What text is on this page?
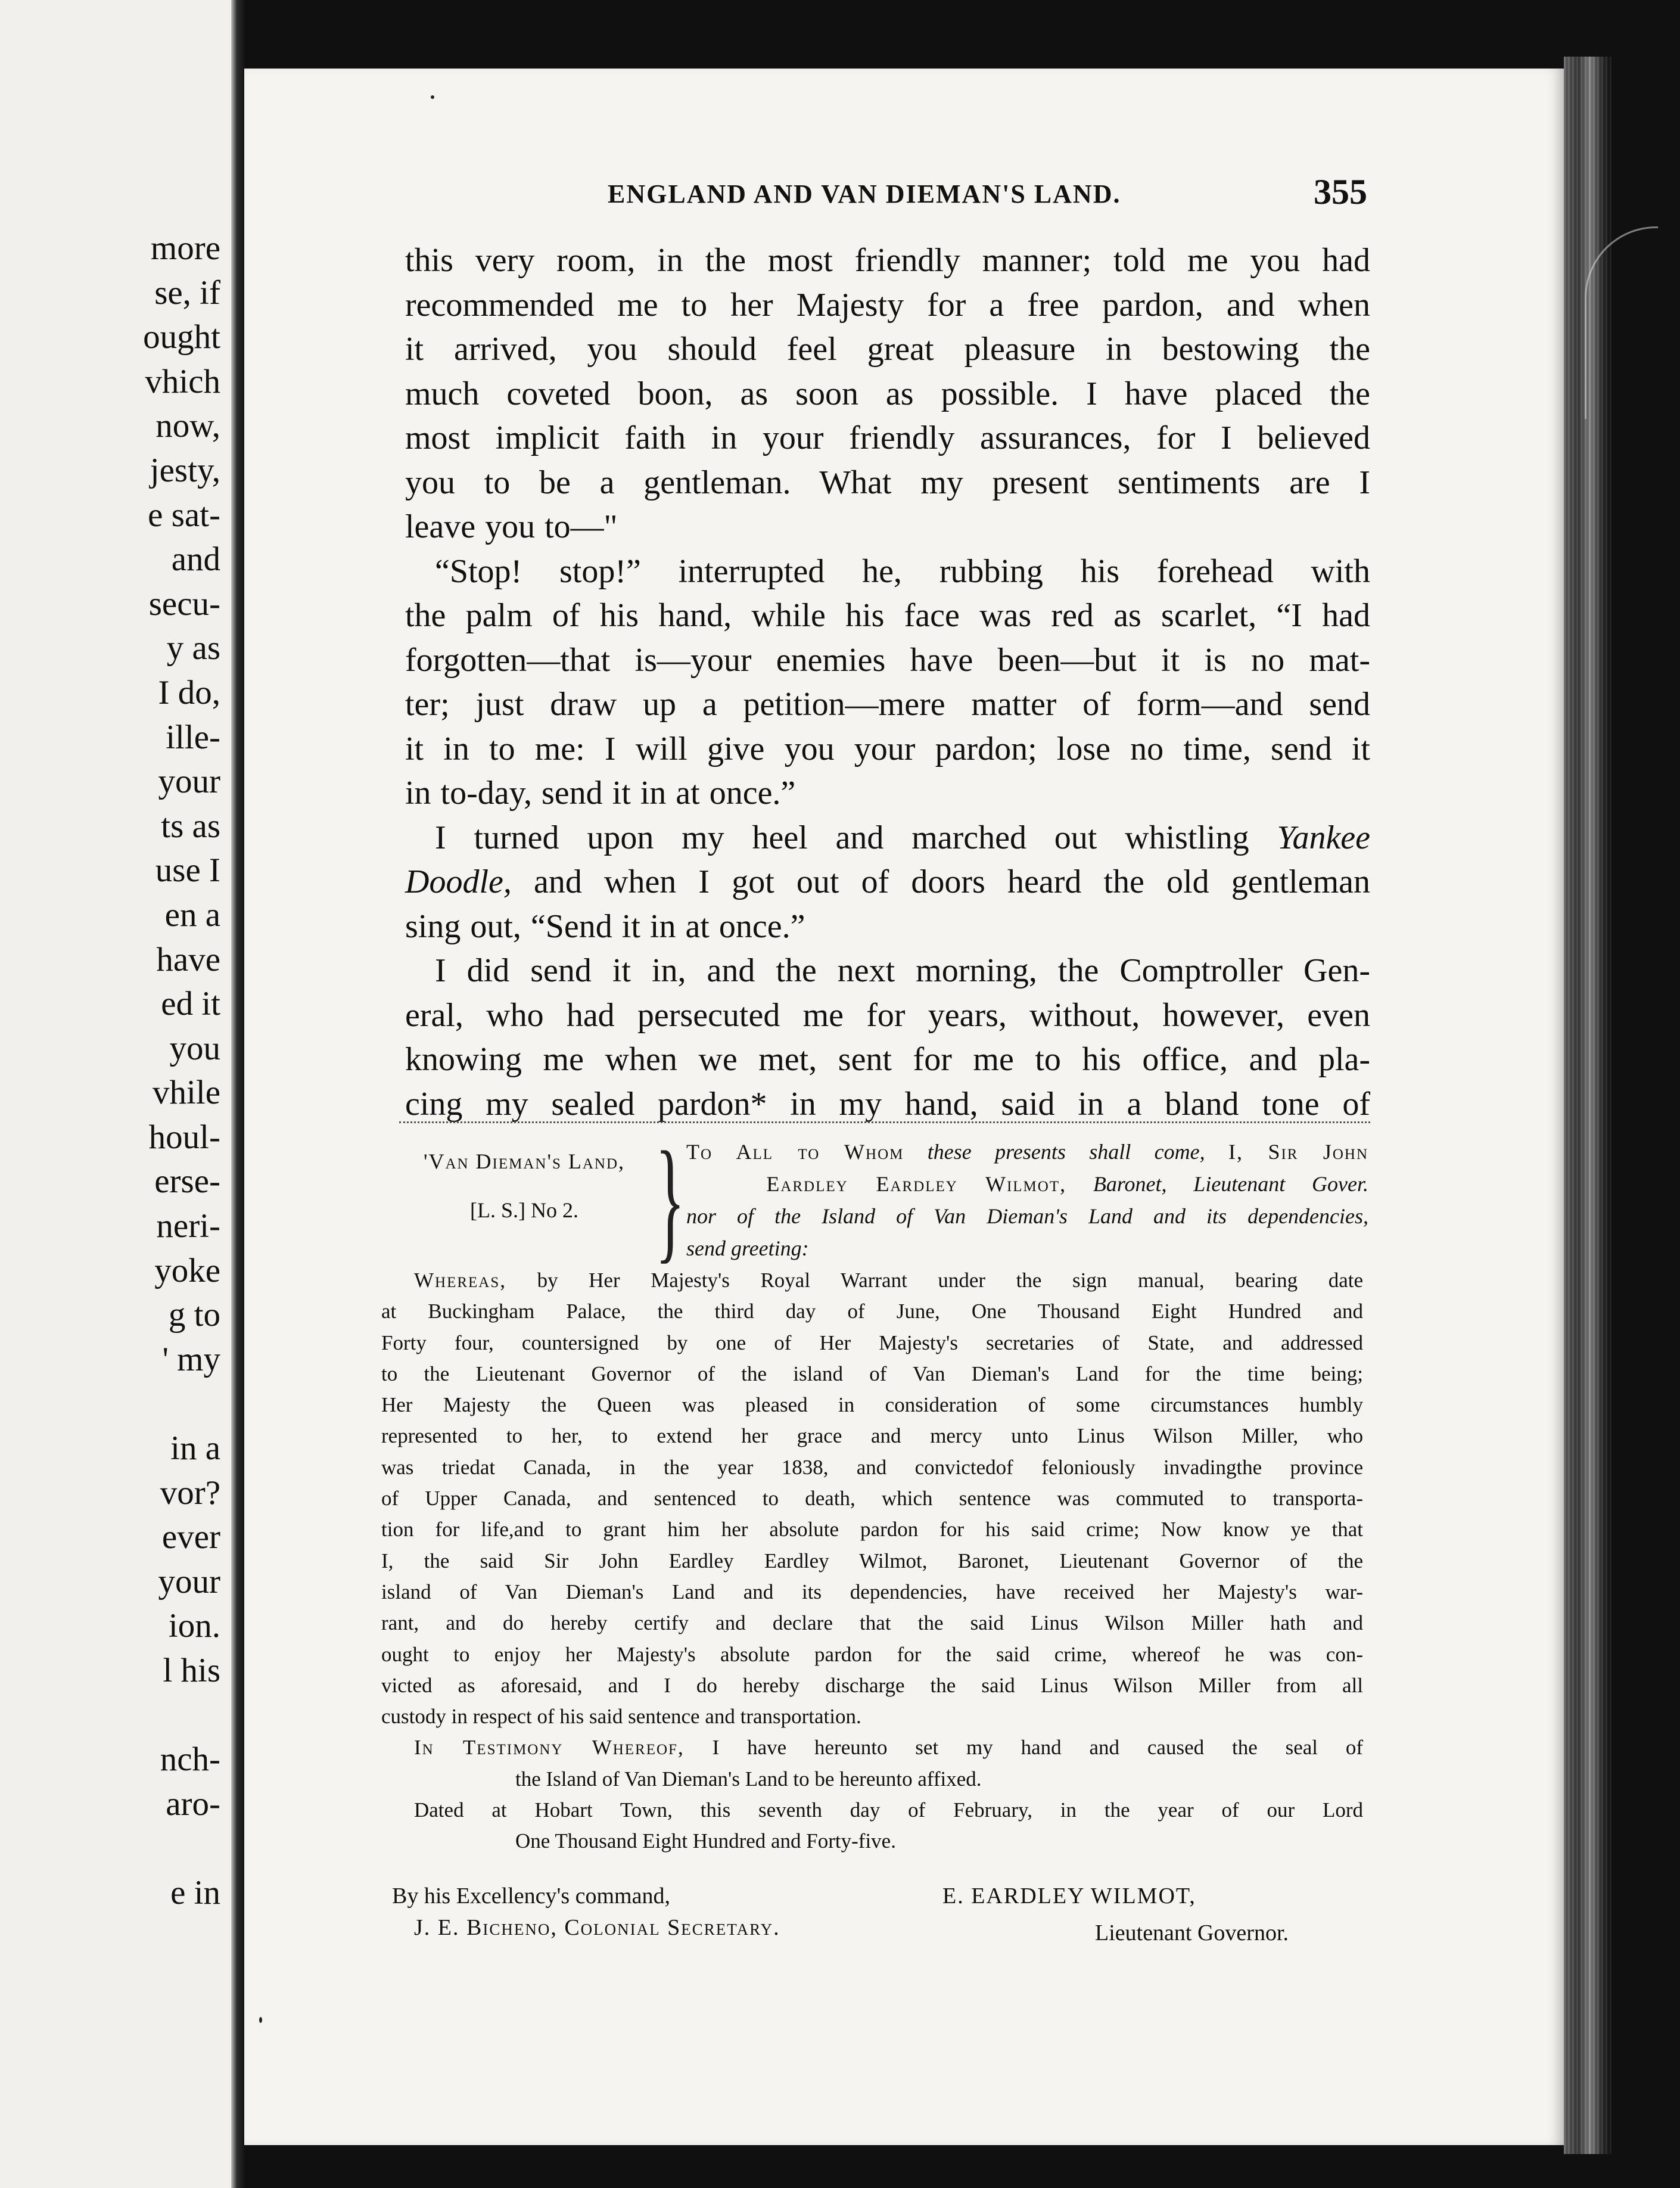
more
se, if
ought
vhich
now,
jesty,
e sat-
and
secu-
y as
I do,
ille-
your
ts as
use I
en a
have
ed it
you
vhile
houl-
erse-
neri-
yoke
g to
' my
in a
vor?
ever
your
ion.
l his
nch-
aro-
e in
ENGLAND AND VAN DIEMAN'S LAND.	355
this very room, in the most friendly manner; told me you had
recommended me to her Majesty for a free pardon, and when
it arrived, you should feel great pleasure in bestowing the
much coveted boon, as soon as possible. I have placed the
most implicit faith in your friendly assurances, for I believed
you to be a gentleman. What my present sentiments are I
leave you to—"
“Stop! stop!” interrupted he, rubbing his forehead with
the palm of his hand, while his face was red as scarlet, “I had
forgotten—that is—your enemies have been—but it is no mat-
ter; just draw up a petition—mere matter of form—and send
it in to me: I will give you your pardon; lose no time, send it
in to-day, send it in at once.”
I turned upon my heel and marched out whistling Yankee
Doodle, and when I got out of doors heard the old gentleman
sing out, “Send it in at once.”
I did send it in, and the next morning, the Comptroller Gen-
eral, who had persecuted me for years, without, however, even
knowing me when we met, sent for me to his office, and pla-
cing my sealed pardon* in my hand, said in a bland tone of
'Van Dieman's Land,
[L. S.] No 2. } To All to Whom these presents shall come, I, Sir John
Eardley Eardley Wilmot, Baronet, Lieutenant Gover.
nor of the Island of Van Dieman's Land and its dependencies,
send greeting:
Whereas, by Her Majesty's Royal Warrant under the sign manual, bearing date
at Buckingham Palace, the third day of June, One Thousand Eight Hundred and
Forty four, countersigned by one of Her Majesty's secretaries of State, and addressed
to the Lieutenant Governor of the island of Van Dieman's Land for the time being;
Her Majesty the Queen was pleased in consideration of some circumstances humbly
represented to her, to extend her grace and mercy unto Linus Wilson Miller, who
was triedat Canada, in the year 1838, and convictedof feloniously invadingthe province
of Upper Canada, and sentenced to death, which sentence was commuted to transporta-
tion for life,and to grant him her absolute pardon for his said crime; Now know ye that
I, the said Sir John Eardley Eardley Wilmot, Baronet, Lieutenant Governor of the
island of Van Dieman's Land and its dependencies, have received her Majesty's war-
rant, and do hereby certify and declare that the said Linus Wilson Miller hath and
ought to enjoy her Majesty's absolute pardon for the said crime, whereof he was con-
victed as aforesaid, and I do hereby discharge the said Linus Wilson Miller from all
custody in respect of his said sentence and transportation.
In Testimony Whereof, I have hereunto set my hand and caused the seal of
the Island of Van Dieman's Land to be hereunto affixed.
Dated at Hobart Town, this seventh day of February, in the year of our Lord
One Thousand Eight Hundred and Forty-five.
By his Excellency's command,	E. EARDLEY WILMOT,
J. E. Bicheno, Colonial Secretary.	Lieutenant Governor.
